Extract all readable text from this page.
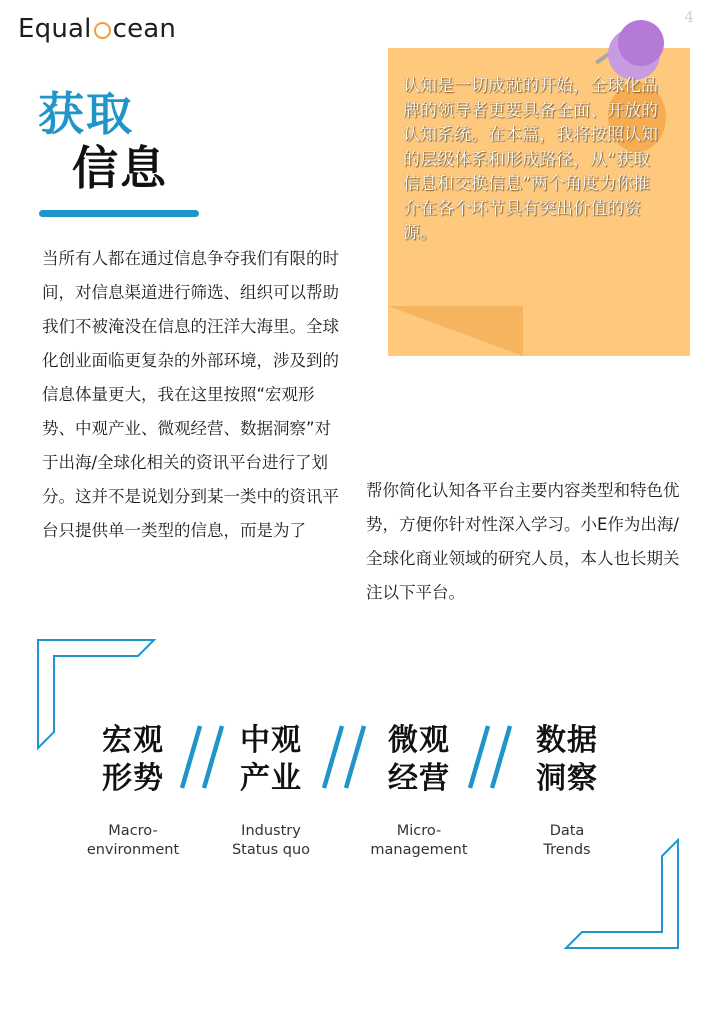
E qual cean	4
获取
信息
认知是一切成就的开始，全球化品牌的领导者更要具备全面、开放的认知系统。在本篇，我将按照认知的层级体系和形成路径，从“获取信息和交换信息”两个角度为你推介在各个环节具有突出价值的资源。
当所有人都在通过信息争夺我们有限的时间，对信息渠道进行筛选、组织可以帮助我们不被淹没在信息的汪洋大海里。全球化创业面临更复杂的外部环境，涉及到的信息体量更大，我在这里按照“宏观形势、中观产业、微观经营、数据洞察”对于出海/全球化相关的资讯平台进行了划分。这并不是说划分到某一类中的资讯平台只提供单一类型的信息，而是为了
帮你简化认知各平台主要内容类型和特色优势，方便你针对性深入学习。小E作为出海/全球化商业领域的研究人员，本人也长期关注以下平台。
宏观
形势
Macro-
environment
中观
产业
Industry
Status quo
微观
经营
Micro-
management
数据
洞察
Data
Trends
